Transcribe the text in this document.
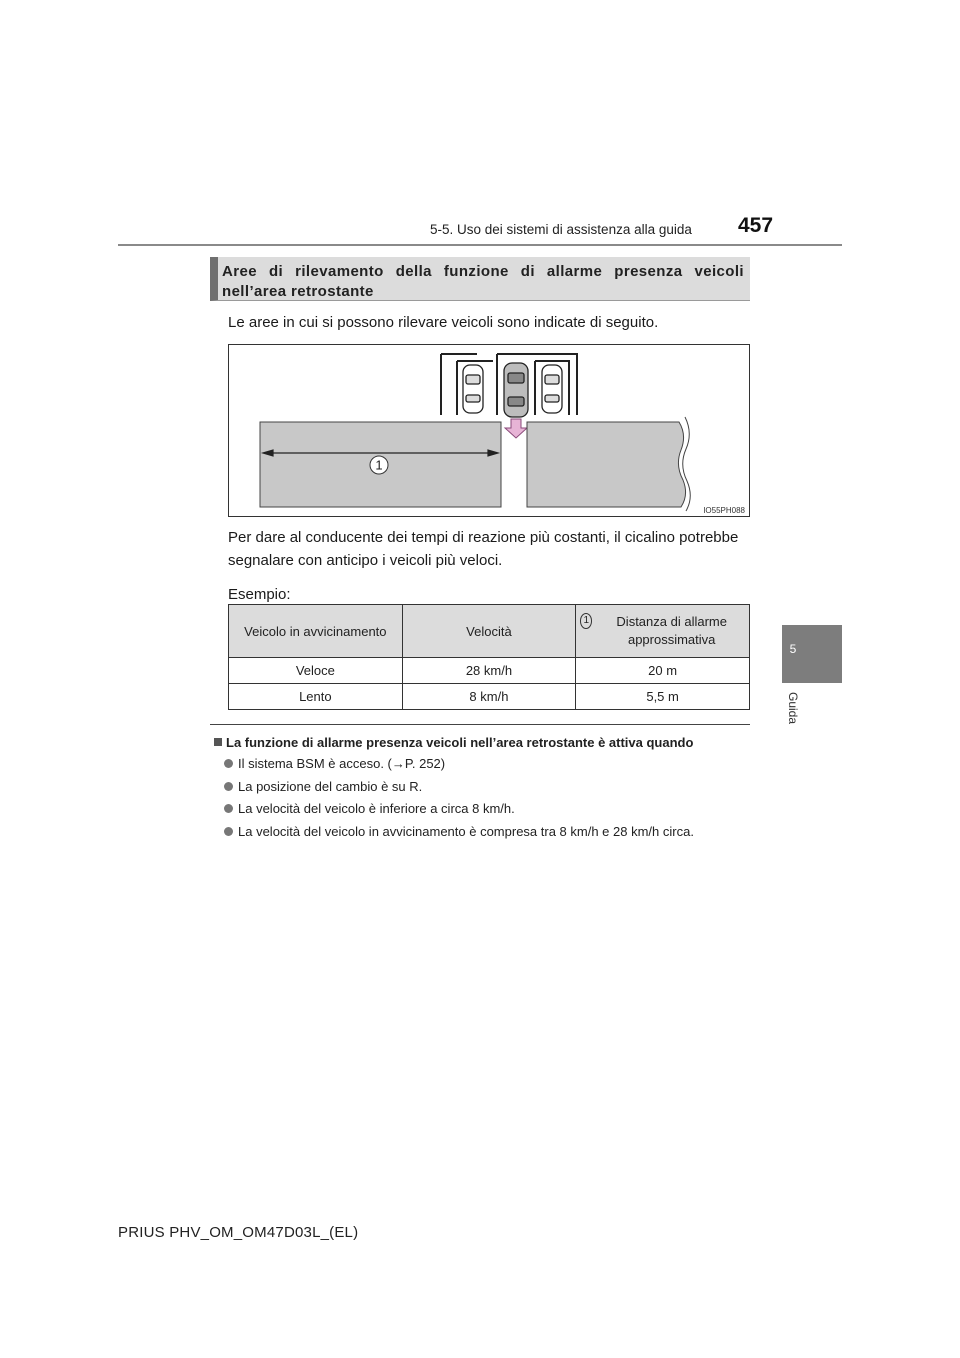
5-5. Uso dei sistemi di assistenza alla guida 457
5
Guida
Aree di rilevamento della funzione di allarme presenza veicoli nell’area retrostante
Le aree in cui si possono rilevare veicoli sono indicate di seguito.
1
IO55PH088
Per dare al conducente dei tempi di reazione più costanti, il cicalino potrebbe segnalare con anticipo i veicoli più veloci.
Esempio:
Veicolo in avvicinamento	Velocità	1 Distanza di allarme approssimativa

Veloce	28 km/h	20 m
Lento	8 km/h	5,5 m
La funzione di allarme presenza veicoli nell’area retrostante è attiva quando
Il sistema BSM è acceso. (→P. 252)
La posizione del cambio è su R.
La velocità del veicolo è inferiore a circa 8 km/h.
La velocità del veicolo in avvicinamento è compresa tra 8 km/h e 28 km/h circa.
PRIUS PHV_OM_OM47D03L_(EL)
